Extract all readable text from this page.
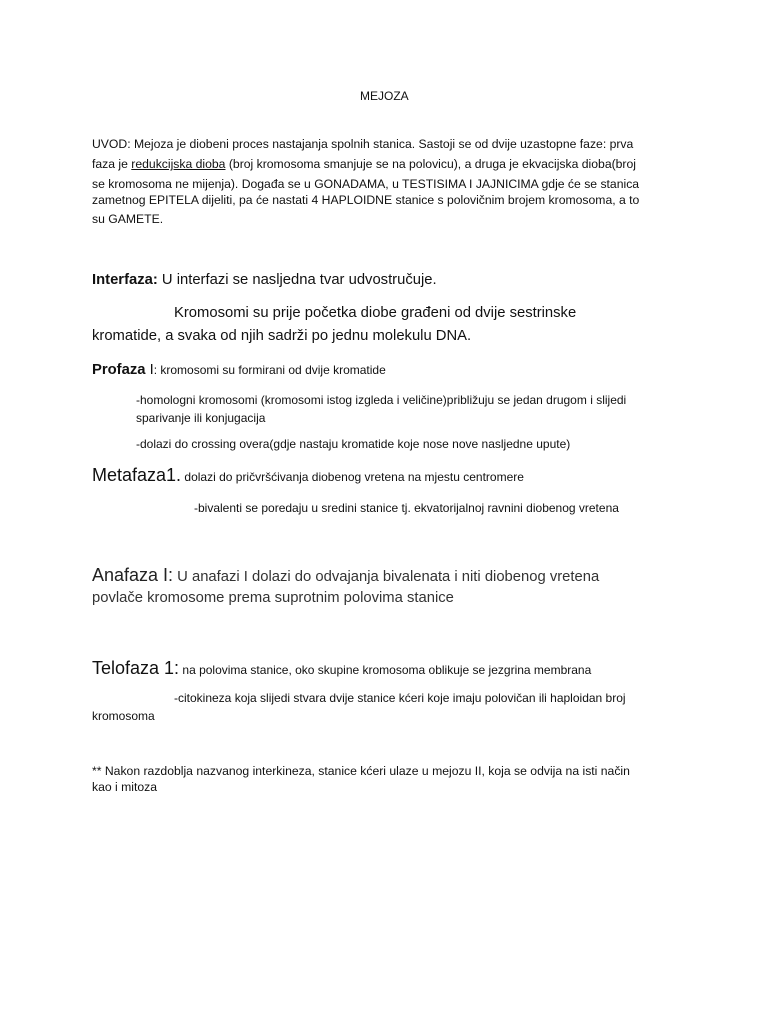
MEJOZA
UVOD: Mejoza je diobeni proces nastajanja spolnih stanica. Sastoji se od dvije uzastopne faze: prva
faza je redukcijska dioba (broj kromosoma smanjuje se na polovicu), a druga je ekvacijska dioba(broj
se kromosoma ne mijenja). Događa se u GONADAMA, u TESTISIMA I JAJNICIMA gdje će se stanica
zametnog EPITELA dijeliti, pa će nastati 4 HAPLOIDNE stanice s polovičnim brojem kromosoma, a to
su GAMETE.
Interfaza: U interfazi se nasljedna tvar udvostručuje.
Kromosomi su prije početka diobe građeni od dvije sestrinske
kromatide, a svaka od njih sadrži po jednu molekulu DNA.
Profaza I: kromosomi su formirani od dvije kromatide
-homologni kromosomi (kromosomi istog izgleda i veličine)približuju se jedan drugom i slijedi
sparivanje ili konjugacija
-dolazi do crossing overa(gdje nastaju kromatide koje nose nove nasljedne upute)
Metafaza1. dolazi do pričvršćivanja diobenog vretena na mjestu centromere
-bivalenti se poredaju u sredini stanice tj. ekvatorijalnoj ravnini diobenog vretena
Anafaza I: U anafazi I dolazi do odvajanja bivalenata i niti diobenog vretena
povlače kromosome prema suprotnim polovima stanice
Telofaza 1: na polovima stanice, oko skupine kromosoma oblikuje se jezgrina membrana
-citokineza koja slijedi stvara dvije stanice kćeri koje imaju polovičan ili haploidan broj
kromosoma
** Nakon razdoblja nazvanog interkineza, stanice kćeri ulaze u mejozu II, koja se odvija na isti način
kao i mitoza
